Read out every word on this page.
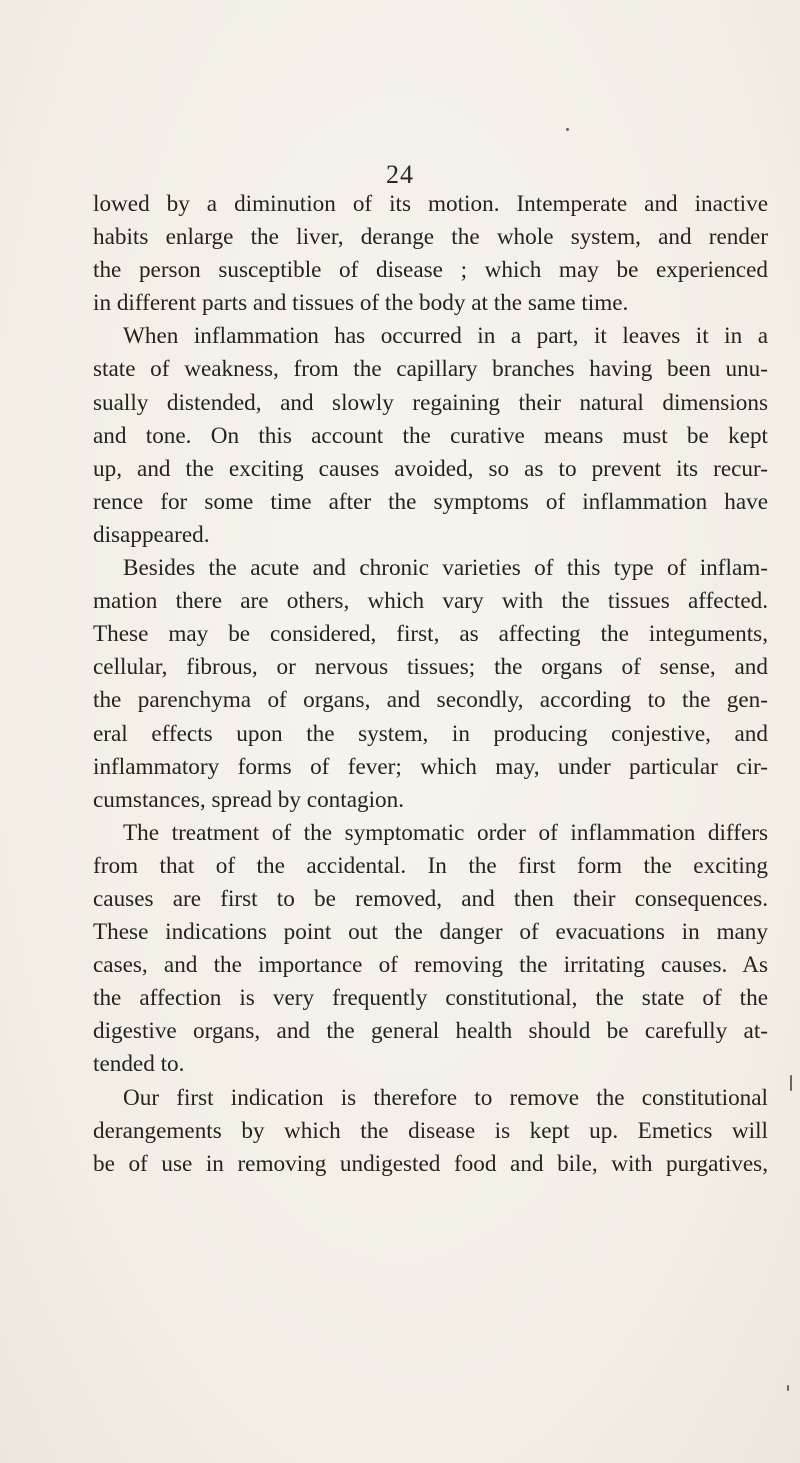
24
lowed by a diminution of its motion. Intemperate and inactive
habits enlarge the liver, derange the whole system, and render
the person susceptible of disease ; which may be experienced
in different parts and tissues of the body at the same time.
When inflammation has occurred in a part, it leaves it in a
state of weakness, from the capillary branches having been unu-
sually distended, and slowly regaining their natural dimensions
and tone. On this account the curative means must be kept
up, and the exciting causes avoided, so as to prevent its recur-
rence for some time after the symptoms of inflammation have
disappeared.
Besides the acute and chronic varieties of this type of inflam-
mation there are others, which vary with the tissues affected.
These may be considered, first, as affecting the integuments,
cellular, fibrous, or nervous tissues; the organs of sense, and
the parenchyma of organs, and secondly, according to the gen-
eral effects upon the system, in producing conjestive, and
inflammatory forms of fever; which may, under particular cir-
cumstances, spread by contagion.
The treatment of the symptomatic order of inflammation differs
from that of the accidental. In the first form the exciting
causes are first to be removed, and then their consequences.
These indications point out the danger of evacuations in many
cases, and the importance of removing the irritating causes. As
the affection is very frequently constitutional, the state of the
digestive organs, and the general health should be carefully at-
tended to.
Our first indication is therefore to remove the constitutional
derangements by which the disease is kept up. Emetics will
be of use in removing undigested food and bile, with purgatives,
